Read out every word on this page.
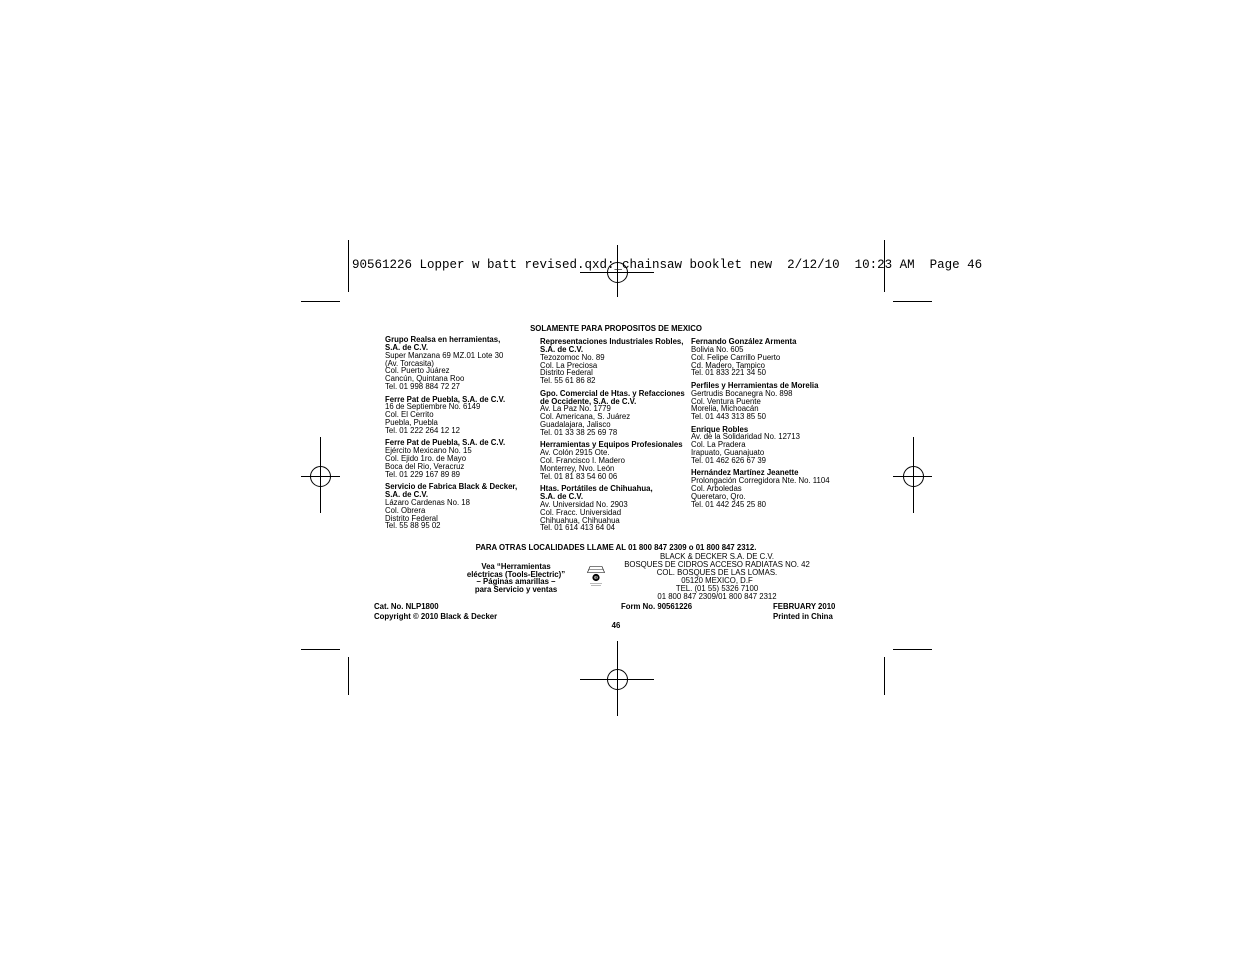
90561226 Lopper w batt revised.qxd:_chainsaw booklet new  2/12/10  10:23 AM  Page 46
SOLAMENTE PARA PROPOSITOS DE MEXICO
Grupo Realsa en herramientas,
S.A. de C.V.
Super Manzana 69 MZ.01 Lote 30
(Av. Torcasita)
Col. Puerto Juárez
Cancún, Quintana Roo
Tel. 01 998 884 72 27
Ferre Pat de Puebla, S.A. de C.V.
16 de Septiembre No. 6149
Col. El Cerrito
Puebla, Puebla
Tel. 01 222 264 12 12
Ferre Pat de Puebla, S.A. de C.V.
Ejército Mexicano No. 15
Col. Ejido 1ro. de Mayo
Boca del Rio, Veracruz
Tel. 01 229 167 89 89
Servicio de Fabrica Black & Decker,
S.A. de C.V.
Lázaro Cardenas No. 18
Col. Obrera
Distrito Federal
Tel. 55 88 95 02
Representaciones Industriales Robles,
S.A. de C.V.
Tezozomoc No. 89
Col. La Preciosa
Distrito Federal
Tel. 55 61 86 82
Gpo. Comercial de Htas. y Refacciones
de Occidente, S.A. de C.V.
Av. La Paz No. 1779
Col. Americana, S. Juárez
Guadalajara, Jalisco
Tel. 01 33 38 25 69 78
Herramientas y Equipos Profesionales
Av. Colón 2915 Ote.
Col. Francisco I. Madero
Monterrey, Nvo. León
Tel. 01 81 83 54 60 06
Htas. Portátiles de Chihuahua,
S.A. de C.V.
Av. Universidad No. 2903
Col. Fracc. Universidad
Chihuahua, Chihuahua
Tel. 01 614 413 64 04
Fernando González Armenta
Bolivia No. 605
Col. Felipe Carrillo Puerto
Cd. Madero, Tampico
Tel. 01 833 221 34 50
Perfiles y Herramientas de Morelia
Gertrudis Bocanegra No. 898
Col. Ventura Puente
Morelia, Michoacán
Tel. 01 443 313 85 50
Enrique Robles
Av. de la Solidaridad No. 12713
Col. La Pradera
Irapuato, Guanajuato
Tel. 01 462 626 67 39
Hernández Martínez Jeanette
Prolongación Corregidora Nte. No. 1104
Col. Arboledas
Queretaro, Qro.
Tel. 01 442 245 25 80
PARA OTRAS LOCALIDADES LLAME AL 01 800 847 2309 o 01 800 847 2312.
Vea “Herramientas
eléctricas (Tools-Electric)”
– Páginas amarillas –
para Servicio y ventas
BLACK & DECKER S.A. DE C.V.
BOSQUES DE CIDROS ACCESO RADIATAS NO. 42
COL. BOSQUES DE LAS LOMAS.
05120 MEXICO, D.F
TEL. (01 55) 5326 7100
01 800 847 2309/01 800 847 2312
Cat. No. NLP1800	Form No. 90561226	FEBRUARY 2010
Copyright © 2010 Black & Decker	Printed in China
46
